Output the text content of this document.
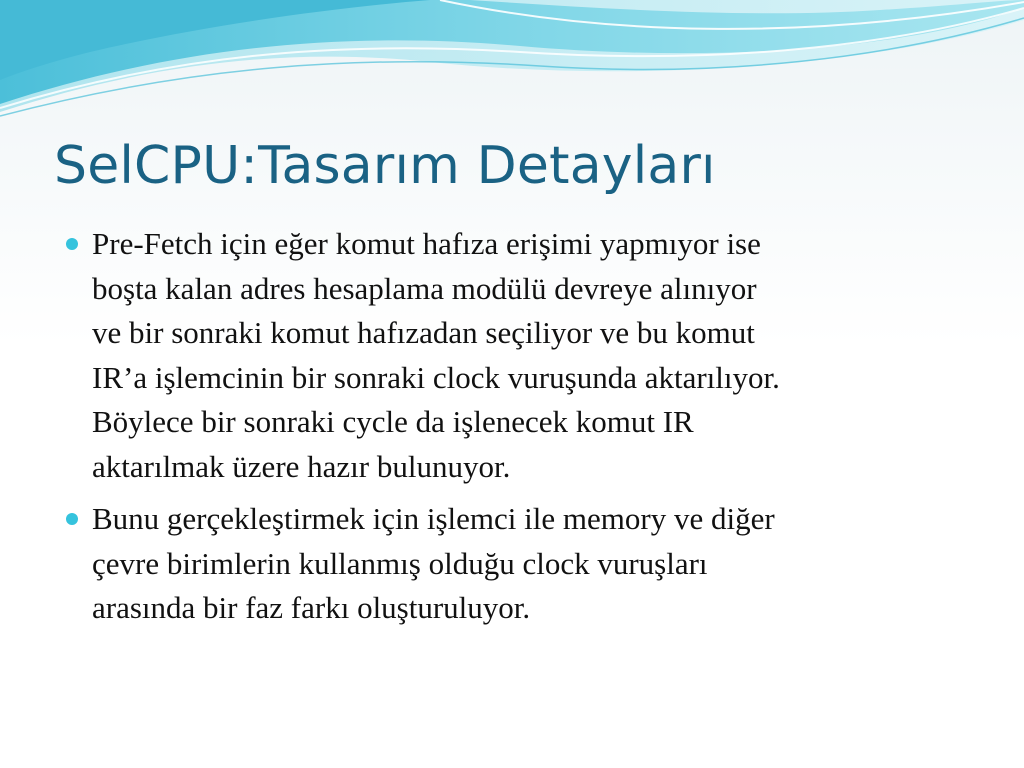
SelCPU:Tasarım Detayları
Pre-Fetch için eğer komut hafıza erişimi yapmıyor ise
boşta kalan adres hesaplama modülü devreye alınıyor
ve bir sonraki komut hafızadan seçiliyor ve bu komut
IR’a işlemcinin bir sonraki clock vuruşunda aktarılıyor.
Böylece bir sonraki cycle da işlenecek komut IR
aktarılmak üzere hazır bulunuyor.
Bunu gerçekleştirmek için işlemci ile memory ve diğer
çevre birimlerin kullanmış olduğu clock vuruşları
arasında bir faz farkı oluşturuluyor.
